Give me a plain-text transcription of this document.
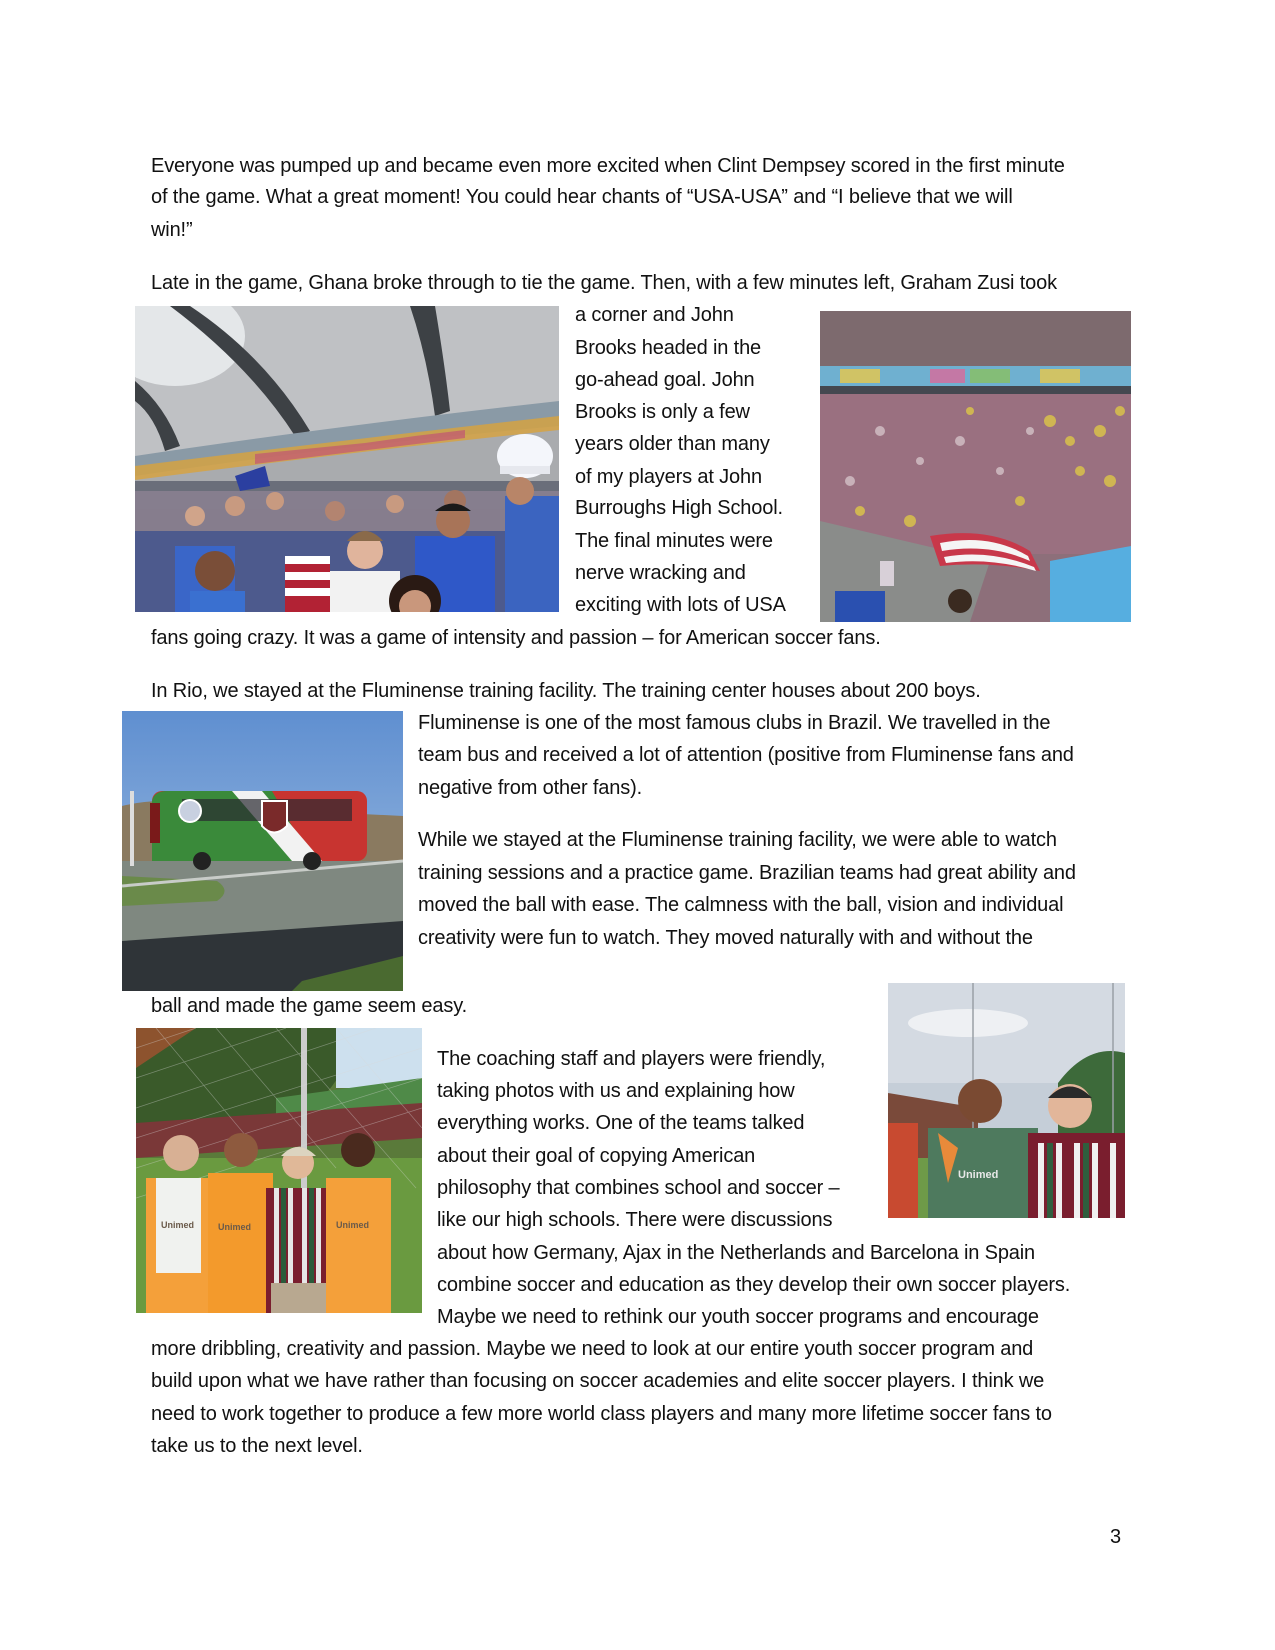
Everyone was pumped up and became even more excited when Clint Dempsey scored in the first minute
of the game. What a great moment! You could hear chants of “USA-USA” and “I believe that we will
win!”
Late in the game, Ghana broke through to tie the game. Then, with a few minutes left, Graham Zusi took
a corner and John
Brooks headed in the
go-ahead goal. John
Brooks is only a few
years older than many
of my players at John
Burroughs High School.
The final minutes were
nerve wracking and
exciting with lots of USA
fans going crazy. It was a game of intensity and passion – for American soccer fans.
In Rio, we stayed at the Fluminense training facility. The training center houses about 200 boys.
Fluminense is one of the most famous clubs in Brazil. We travelled in the
team bus and received a lot of attention (positive from Fluminense fans and
negative from other fans).
While we stayed at the Fluminense training facility, we were able to watch
training sessions and a practice game. Brazilian teams had great ability and
moved the ball with ease. The calmness with the ball, vision and individual
creativity were fun to watch. They moved naturally with and without the
ball and made the game seem easy.
The coaching staff and players were friendly,
taking photos with us and explaining how
everything works. One of the teams talked
about their goal of copying American
philosophy that combines school and soccer –
like our high schools. There were discussions
about how Germany, Ajax in the Netherlands and Barcelona in Spain
combine soccer and education as they develop their own soccer players.
Maybe we need to rethink our youth soccer programs and encourage
more dribbling, creativity and passion. Maybe we need to look at our entire youth soccer program and
build upon what we have rather than focusing on soccer academies and elite soccer players. I think we
need to work together to produce a few more world class players and many more lifetime soccer fans to
take us to the next level.
3
Unimed	Unimed	Unimed
Unimed
